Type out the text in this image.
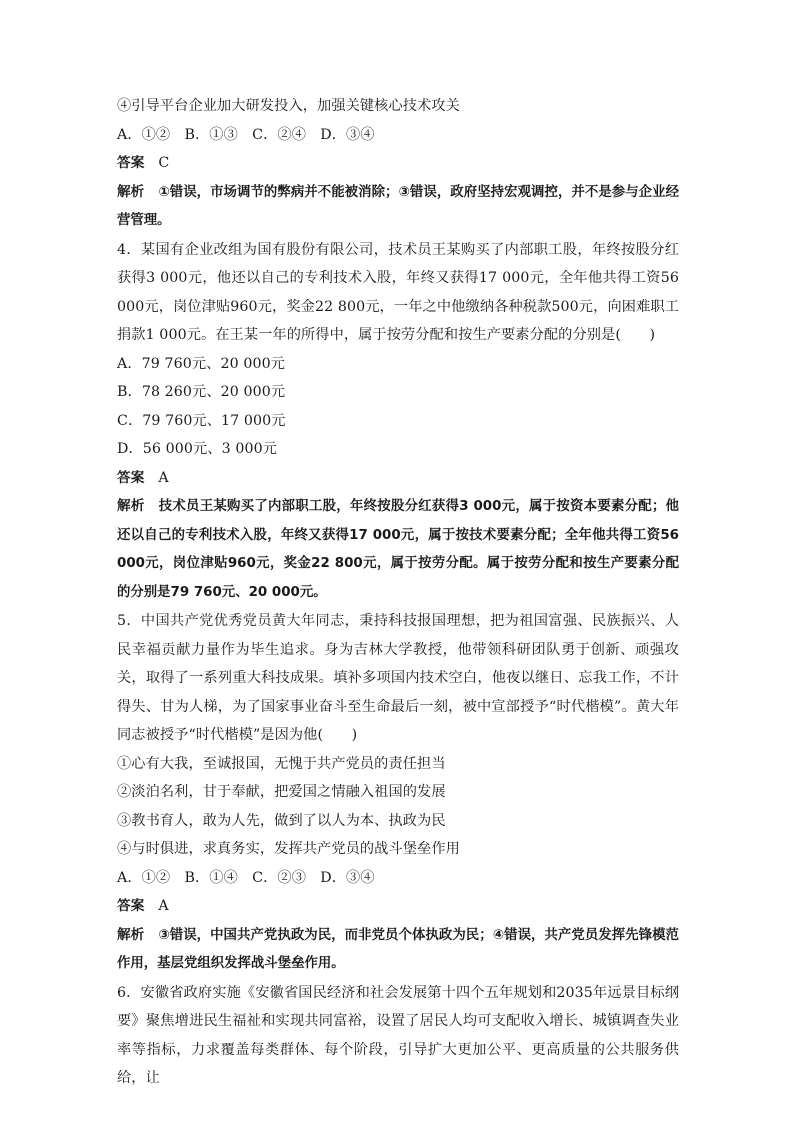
④引导平台企业加大研发投入，加强关键核心技术攻关
A．①②　B．①③　C．②④　D．③④
答案 C
解析 ①错误，市场调节的弊病并不能被消除；③错误，政府坚持宏观调控，并不是参与企业经营管理。
4．某国有企业改组为国有股份有限公司，技术员王某购买了内部职工股，年终按股分红获得3 000元，他还以自己的专利技术入股，年终又获得17 000元，全年他共得工资56 000元，岗位津贴960元，奖金22 800元，一年之中他缴纳各种税款500元，向困难职工捐款1 000元。在王某一年的所得中，属于按劳分配和按生产要素分配的分别是(　　)
A．79 760元、20 000元
B．78 260元、20 000元
C．79 760元、17 000元
D．56 000元、3 000元
答案 A
解析 技术员王某购买了内部职工股，年终按股分红获得3 000元，属于按资本要素分配；他还以自己的专利技术入股，年终又获得17 000元，属于按技术要素分配；全年他共得工资56 000元，岗位津贴960元，奖金22 800元，属于按劳分配。属于按劳分配和按生产要素分配的分别是79 760元、20 000元。
5．中国共产党优秀党员黄大年同志，秉持科技报国理想，把为祖国富强、民族振兴、人民幸福贡献力量作为毕生追求。身为吉林大学教授，他带领科研团队勇于创新、顽强攻关，取得了一系列重大科技成果。填补多项国内技术空白，他夜以继日、忘我工作，不计得失、甘为人梯，为了国家事业奋斗至生命最后一刻，被中宣部授予“时代楷模”。黄大年同志被授予“时代楷模”是因为他(　　)
①心有大我，至诚报国，无愧于共产党员的责任担当
②淡泊名利，甘于奉献，把爱国之情融入祖国的发展
③教书育人，敢为人先，做到了以人为本、执政为民
④与时俱进，求真务实，发挥共产党员的战斗堡垒作用
A．①②　B．①④　C．②③　D．③④
答案 A
解析 ③错误，中国共产党执政为民，而非党员个体执政为民；④错误，共产党员发挥先锋模范作用，基层党组织发挥战斗堡垒作用。
6．安徽省政府实施《安徽省国民经济和社会发展第十四个五年规划和2035年远景目标纲要》聚焦增进民生福祉和实现共同富裕，设置了居民人均可支配收入增长、城镇调查失业率等指标，力求覆盖每类群体、每个阶段，引导扩大更加公平、更高质量的公共服务供给，让
